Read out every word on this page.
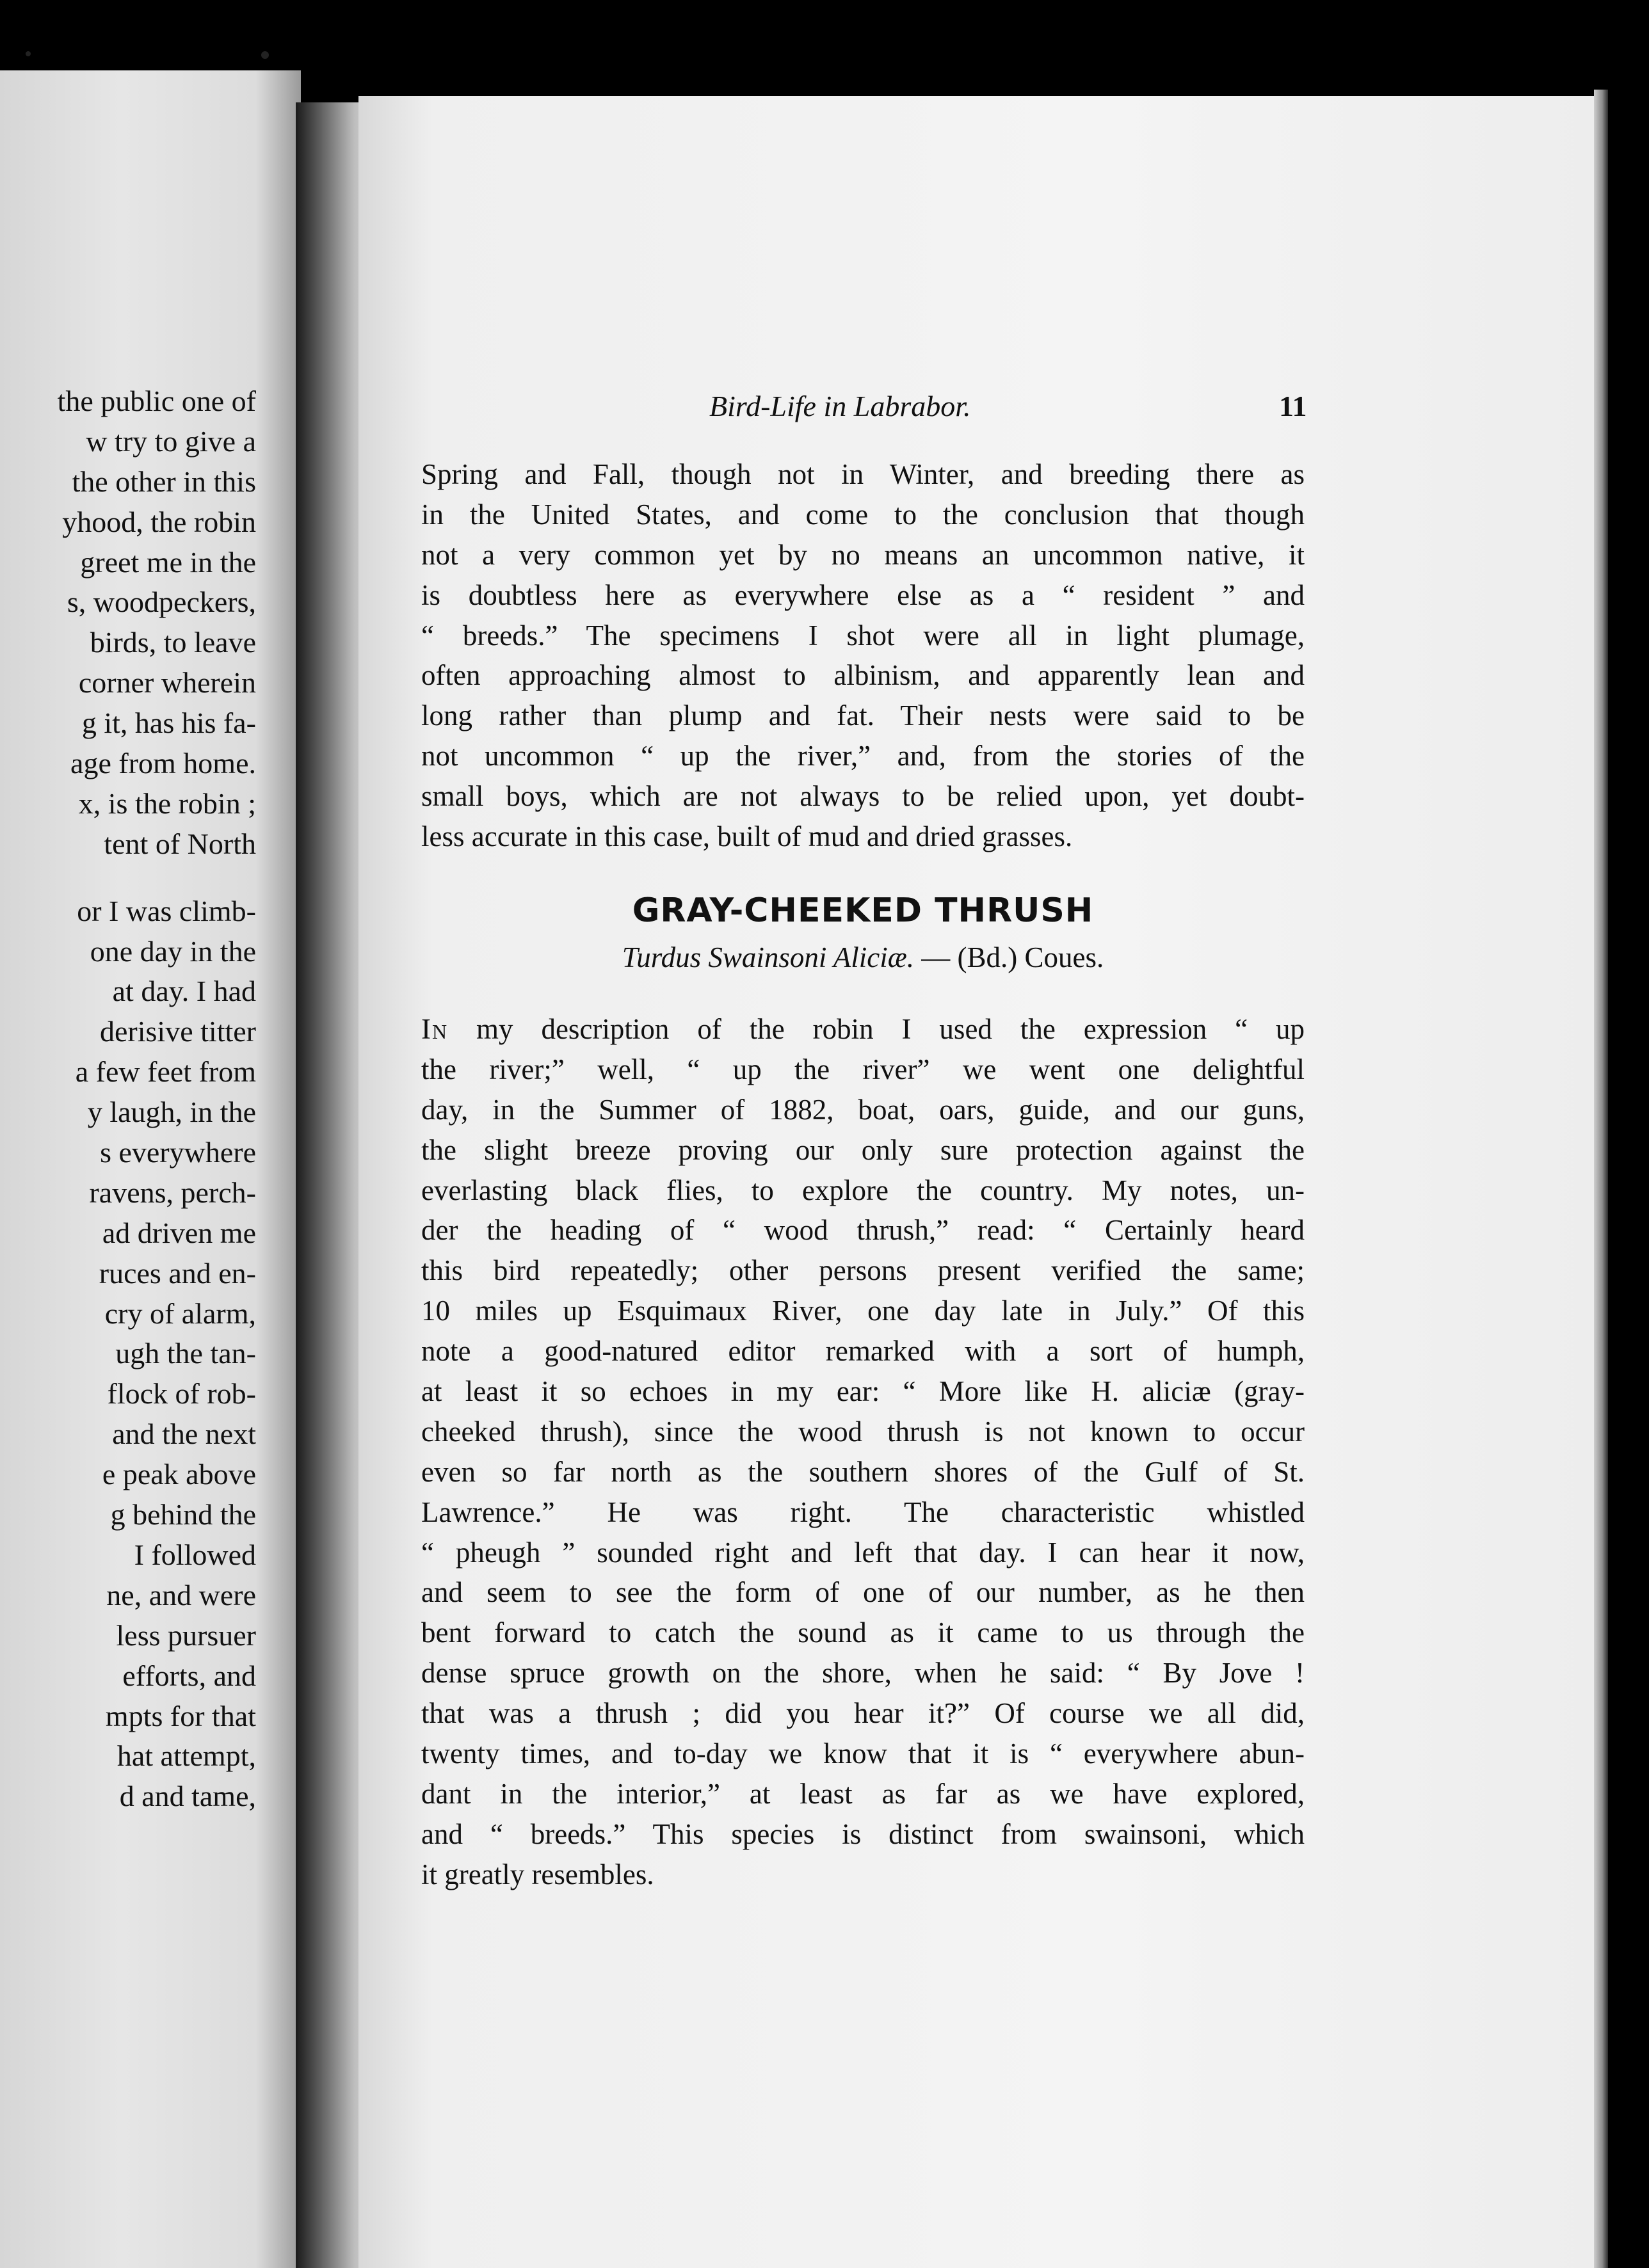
the public one of
w try to give a
the other in this
yhood, the robin
greet me in the
s, woodpeckers,
birds, to leave
corner wherein
g it, has his fa-
age from home.
x, is the robin ;
tent of North
or I was climb-
one day in the
at day. I had
derisive titter
a few feet from
y laugh, in the
s everywhere
ravens, perch-
ad driven me
ruces and en-
cry of alarm,
ugh the tan-
flock of rob-
and the next
e peak above
g behind the
I followed
ne, and were
less pursuer
efforts, and
mpts for that
hat attempt,
d and tame,
Bird-Life in Labrabor.	11
Spring and Fall, though not in Winter, and breeding there as
in the United States, and come to the conclusion that though
not a very common yet by no means an uncommon native, it
is doubtless here as everywhere else as a “ resident ” and
“ breeds.” The specimens I shot were all in light plumage,
often approaching almost to albinism, and apparently lean and
long rather than plump and fat. Their nests were said to be
not uncommon “ up the river,” and, from the stories of the
small boys, which are not always to be relied upon, yet doubt-
less accurate in this case, built of mud and dried grasses.
GRAY-CHEEKED THRUSH
Turdus Swainsoni Aliciæ. — (Bd.) Coues.
In my description of the robin I used the expression “ up
the river;” well, “ up the river” we went one delightful
day, in the Summer of 1882, boat, oars, guide, and our guns,
the slight breeze proving our only sure protection against the
everlasting black flies, to explore the country. My notes, un-
der the heading of “ wood thrush,” read: “ Certainly heard
this bird repeatedly; other persons present verified the same;
10 miles up Esquimaux River, one day late in July.” Of this
note a good-natured editor remarked with a sort of humph,
at least it so echoes in my ear: “ More like H. aliciæ (gray-
cheeked thrush), since the wood thrush is not known to occur
even so far north as the southern shores of the Gulf of St.
Lawrence.” He was right. The characteristic whistled
“ pheugh ” sounded right and left that day. I can hear it now,
and seem to see the form of one of our number, as he then
bent forward to catch the sound as it came to us through the
dense spruce growth on the shore, when he said: “ By Jove !
that was a thrush ; did you hear it?” Of course we all did,
twenty times, and to-day we know that it is “ everywhere abun-
dant in the interior,” at least as far as we have explored,
and “ breeds.” This species is distinct from swainsoni, which
it greatly resembles.
